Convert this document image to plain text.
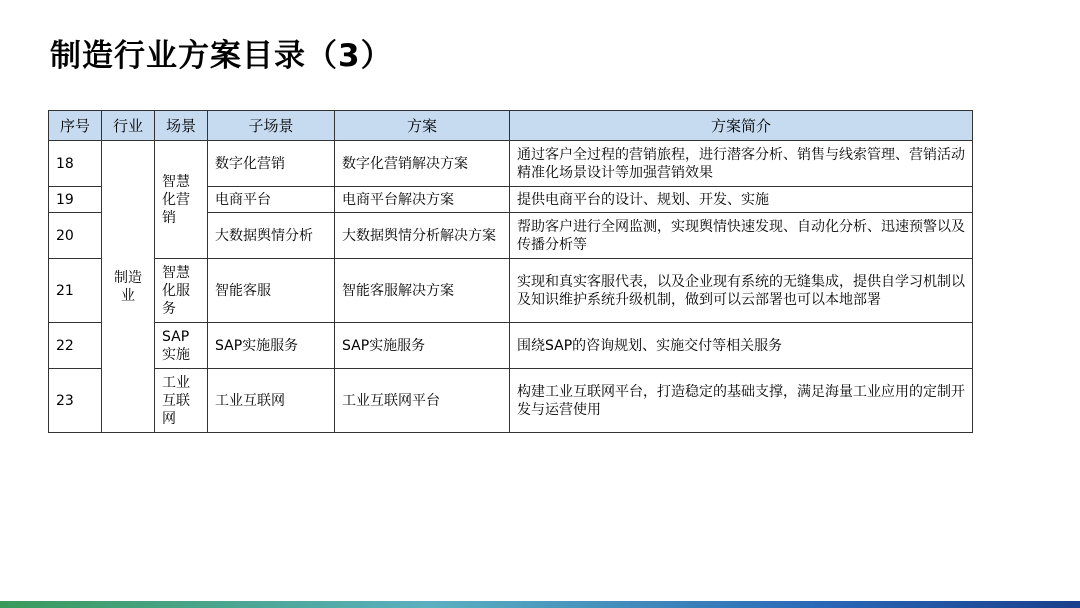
制造行业方案目录（3）
序号	行业	场景	子场景	方案	方案简介
18	制造业	智慧化营销	数字化营销	数字化营销解决方案	通过客户全过程的营销旅程，进行潜客分析、销售与线索管理、营销活动精准化场景设计等加强营销效果
19			电商平台	电商平台解决方案	提供电商平台的设计、规划、开发、实施
20			大数据舆情分析	大数据舆情分析解决方案	帮助客户进行全网监测，实现舆情快速发现、自动化分析、迅速预警以及传播分析等
21		智慧化服务	智能客服	智能客服解决方案	实现和真实客服代表，以及企业现有系统的无缝集成，提供自学习机制以及知识维护系统升级机制，做到可以云部署也可以本地部署
22		SAP实施	SAP实施服务	SAP实施服务	围绕SAP的咨询规划、实施交付等相关服务
23		工业互联网	工业互联网	工业互联网平台	构建工业互联网平台，打造稳定的基础支撑，满足海量工业应用的定制开发与运营使用
